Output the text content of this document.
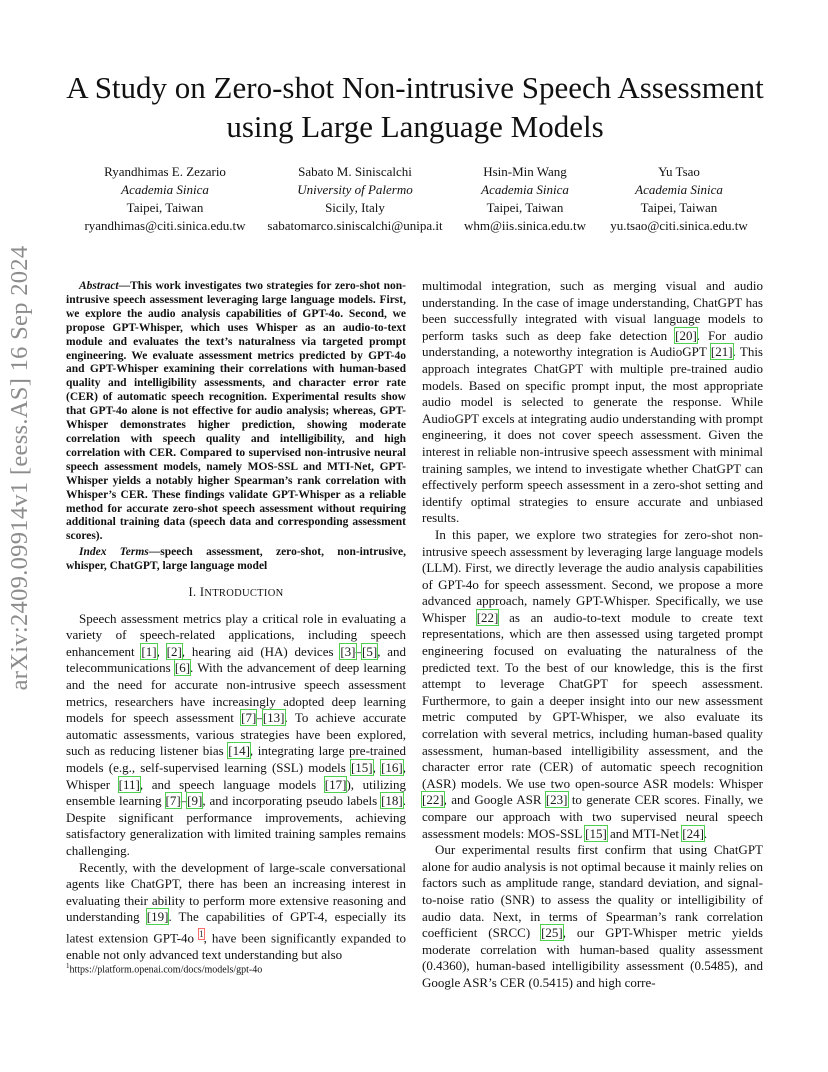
arXiv:2409.09914v1 [eess.AS] 16 Sep 2024
A Study on Zero-shot Non-intrusive Speech Assessment using Large Language Models
Ryandhimas E. Zezario
Academia Sinica
Taipei, Taiwan
ryandhimas@citi.sinica.edu.tw
Sabato M. Siniscalchi
University of Palermo
Sicily, Italy
sabatomarco.siniscalchi@unipa.it
Hsin-Min Wang
Academia Sinica
Taipei, Taiwan
whm@iis.sinica.edu.tw
Yu Tsao
Academia Sinica
Taipei, Taiwan
yu.tsao@citi.sinica.edu.tw

Abstract—This work investigates two strategies for zero-shot non-intrusive speech assessment leveraging large language models. First, we explore the audio analysis capabilities of GPT-4o. Second, we propose GPT-Whisper, which uses Whisper as an audio-to-text module and evaluates the text’s naturalness via targeted prompt engineering. We evaluate assessment metrics predicted by GPT-4o and GPT-Whisper examining their correlations with human-based quality and intelligibility assessments, and character error rate (CER) of automatic speech recognition. Experimental results show that GPT-4o alone is not effective for audio analysis; whereas, GPT-Whisper demonstrates higher prediction, showing moderate correlation with speech quality and intelligibility, and high correlation with CER. Compared to supervised non-intrusive neural speech assessment models, namely MOS-SSL and MTI-Net, GPT-Whisper yields a notably higher Spearman’s rank correlation with Whisper’s CER. These findings validate GPT-Whisper as a reliable method for accurate zero-shot speech assessment without requiring additional training data (speech data and corresponding assessment scores).

Index Terms—speech assessment, zero-shot, non-intrusive, whisper, ChatGPT, large language model

I. INTRODUCTION

Speech assessment metrics play a critical role in evaluating a variety of speech-related applications, including speech enhancement [1], [2], hearing aid (HA) devices [3]–[5], and telecommunications [6]. With the advancement of deep learning and the need for accurate non-intrusive speech assessment metrics, researchers have increasingly adopted deep learning models for speech assessment [7]–[13]. To achieve accurate automatic assessments, various strategies have been explored, such as reducing listener bias [14], integrating large pre-trained models (e.g., self-supervised learning (SSL) models [15], [16], Whisper [11], and speech language models [17]), utilizing ensemble learning [7]–[9], and incorporating pseudo labels [18]. Despite significant performance improvements, achieving satisfactory generalization with limited training samples remains challenging.

Recently, with the development of large-scale conversational agents like ChatGPT, there has been an increasing interest in evaluating their ability to perform more extensive reasoning and understanding [19]. The capabilities of GPT-4, especially its latest extension GPT-4o $^1$, have been significantly expanded to enable not only advanced text understanding but also

multimodal integration, such as merging visual and audio understanding. In the case of image understanding, ChatGPT has been successfully integrated with visual language models to perform tasks such as deep fake detection [20]. For audio understanding, a noteworthy integration is AudioGPT [21]. This approach integrates ChatGPT with multiple pre-trained audio models. Based on specific prompt input, the most appropriate audio model is selected to generate the response. While AudioGPT excels at integrating audio understanding with prompt engineering, it does not cover speech assessment. Given the interest in reliable non-intrusive speech assessment with minimal training samples, we intend to investigate whether ChatGPT can effectively perform speech assessment in a zero-shot setting and identify optimal strategies to ensure accurate and unbiased results.

In this paper, we explore two strategies for zero-shot non-intrusive speech assessment by leveraging large language models (LLM). First, we directly leverage the audio analysis capabilities of GPT-4o for speech assessment. Second, we propose a more advanced approach, namely GPT-Whisper. Specifically, we use Whisper [22] as an audio-to-text module to create text representations, which are then assessed using targeted prompt engineering focused on evaluating the naturalness of the predicted text. To the best of our knowledge, this is the first attempt to leverage ChatGPT for speech assessment. Furthermore, to gain a deeper insight into our new assessment metric computed by GPT-Whisper, we also evaluate its correlation with several metrics, including human-based quality assessment, human-based intelligibility assessment, and the character error rate (CER) of automatic speech recognition (ASR) models. We use two open-source ASR models: Whisper [22], and Google ASR [23] to generate CER scores. Finally, we compare our approach with two supervised neural speech assessment models: MOS-SSL [15] and MTI-Net [24].

Our experimental results first confirm that using ChatGPT alone for audio analysis is not optimal because it mainly relies on factors such as amplitude range, standard deviation, and signal-to-noise ratio (SNR) to assess the quality or intelligibility of audio data. Next, in terms of Spearman’s rank correlation coefficient (SRCC) [25], our GPT-Whisper metric yields moderate correlation with human-based quality assessment (0.4360), human-based intelligibility assessment (0.5485), and Google ASR’s CER (0.5415) and high corre-

$^1$https://platform.openai.com/docs/models/gpt-4o
